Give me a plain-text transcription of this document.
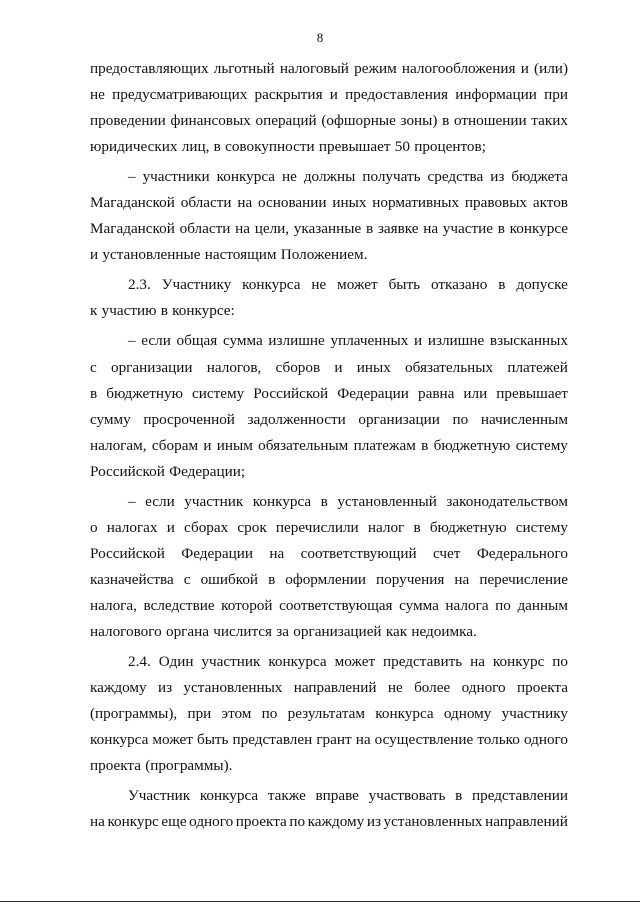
8
предоставляющих льготный налоговый режим налогообложения и (или)
не предусматривающих раскрытия и предоставления информации при
проведении финансовых операций (офшорные зоны) в отношении таких
юридических лиц, в совокупности превышает 50 процентов;
– участники конкурса не должны получать средства из бюджета
Магаданской области на основании иных нормативных правовых актов
Магаданской области на цели, указанные в заявке на участие в конкурсе
и установленные настоящим Положением.
2.3. Участнику конкурса не может быть отказано в допуске
к участию в конкурсе:
– если общая сумма излишне уплаченных и излишне взысканных
с организации налогов, сборов и иных обязательных платежей
в бюджетную систему Российской Федерации равна или превышает
сумму просроченной задолженности организации по начисленным
налогам, сборам и иным обязательным платежам в бюджетную систему
Российской Федерации;
– если участник конкурса в установленный законодательством
о налогах и сборах срок перечислили налог в бюджетную систему
Российской Федерации на соответствующий счет Федерального
казначейства с ошибкой в оформлении поручения на перечисление
налога, вследствие которой соответствующая сумма налога по данным
налогового органа числится за организацией как недоимка.
2.4. Один участник конкурса может представить на конкурс по
каждому из установленных направлений не более одного проекта
(программы), при этом по результатам конкурса одному участнику
конкурса может быть представлен грант на осуществление только одного
проекта (программы).
Участник конкурса также вправе участвовать в представлении
на конкурс еще одного проекта по каждому из установленных направлений
